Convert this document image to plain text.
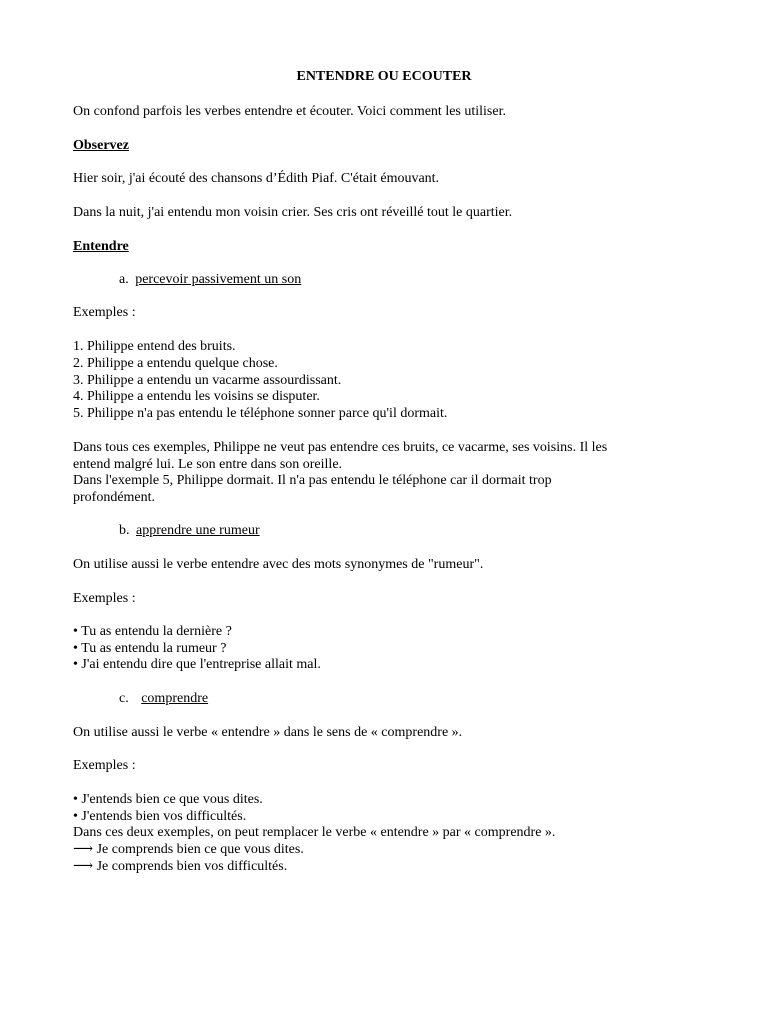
ENTENDRE OU ECOUTER
On confond parfois les verbes entendre et écouter. Voici comment les utiliser.
Observez
Hier soir, j'ai écouté des chansons d’Édith Piaf. C'était émouvant.
Dans la nuit, j'ai entendu mon voisin crier. Ses cris ont réveillé tout le quartier.
Entendre
a. percevoir passivement un son
Exemples :
1. Philippe entend des bruits.
2. Philippe a entendu quelque chose.
3. Philippe a entendu un vacarme assourdissant.
4. Philippe a entendu les voisins se disputer.
5. Philippe n'a pas entendu le téléphone sonner parce qu'il dormait.
Dans tous ces exemples, Philippe ne veut pas entendre ces bruits, ce vacarme, ses voisins. Il les
entend malgré lui. Le son entre dans son oreille.
Dans l'exemple 5, Philippe dormait. Il n'a pas entendu le téléphone car il dormait trop
profondément.
b. apprendre une rumeur
On utilise aussi le verbe entendre avec des mots synonymes de "rumeur".
Exemples :
• Tu as entendu la dernière ?
• Tu as entendu la rumeur ?
• J'ai entendu dire que l'entreprise allait mal.
c. comprendre
On utilise aussi le verbe « entendre » dans le sens de « comprendre ».
Exemples :
• J'entends bien ce que vous dites.
• J'entends bien vos difficultés.
Dans ces deux exemples, on peut remplacer le verbe « entendre » par « comprendre ».
⟶ Je comprends bien ce que vous dites.
⟶ Je comprends bien vos difficultés.
